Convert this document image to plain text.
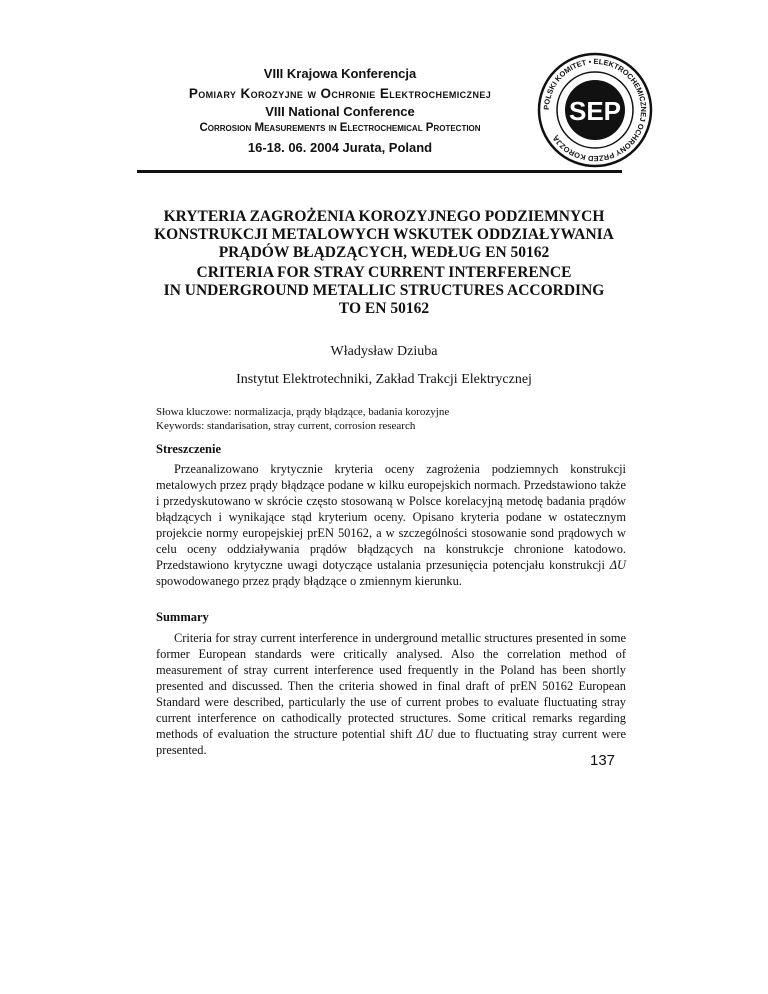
VIII Krajowa Konferencja
Pomiary Korozyjne w Ochronie Elektrochemicznej
VIII National Conference
Corrosion Measurements in Electrochemical Protection
16-18. 06. 2004 Jurata, Poland
POLSKI KOMITET • ELEKTROCHEMICZNEJ OCHRONY PRZED KOROZJĄ
SEP
KRYTERIA ZAGROŻENIA KOROZYJNEGO PODZIEMNYCH
KONSTRUKCJI METALOWYCH WSKUTEK ODDZIAŁYWANIA
PRĄDÓW BŁĄDZĄCYCH, WEDŁUG EN 50162
CRITERIA FOR STRAY CURRENT INTERFERENCE
IN UNDERGROUND METALLIC STRUCTURES ACCORDING
TO EN 50162
Władysław Dziuba
Instytut Elektrotechniki, Zakład Trakcji Elektrycznej
Słowa kluczowe: normalizacja, prądy błądzące, badania korozyjne
Keywords: standarisation, stray current, corrosion research
Streszczenie

Przeanalizowano krytycznie kryteria oceny zagrożenia podziemnych konstrukcji metalowych przez prądy błądzące podane w kilku europejskich normach. Przedstawiono także i przedyskutowano w skrócie często stosowaną w Polsce korelacyjną metodę badania prądów błądzących i wynikające stąd kryterium oceny. Opisano kryteria podane w ostatecznym projekcie normy europejskiej prEN 50162, a w szczególności stosowanie sond prądowych w celu oceny oddziaływania prądów błądzących na konstrukcje chronione katodowo. Przedstawiono krytyczne uwagi dotyczące ustalania przesunięcia potencjału konstrukcji ΔU spowodowanego przez prądy błądzące o zmiennym kierunku.

Summary

Criteria for stray current interference in underground metallic structures presented in some former European standards were critically analysed. Also the correlation method of measurement of stray current interference used frequently in the Poland has been shortly presented and discussed. Then the criteria showed in final draft of prEN 50162 European Standard were described, particularly the use of current probes to evaluate fluctuating stray current interference on cathodically protected structures. Some critical remarks regarding methods of evaluation the structure potential shift ΔU due to fluctuating stray current were presented.

137
